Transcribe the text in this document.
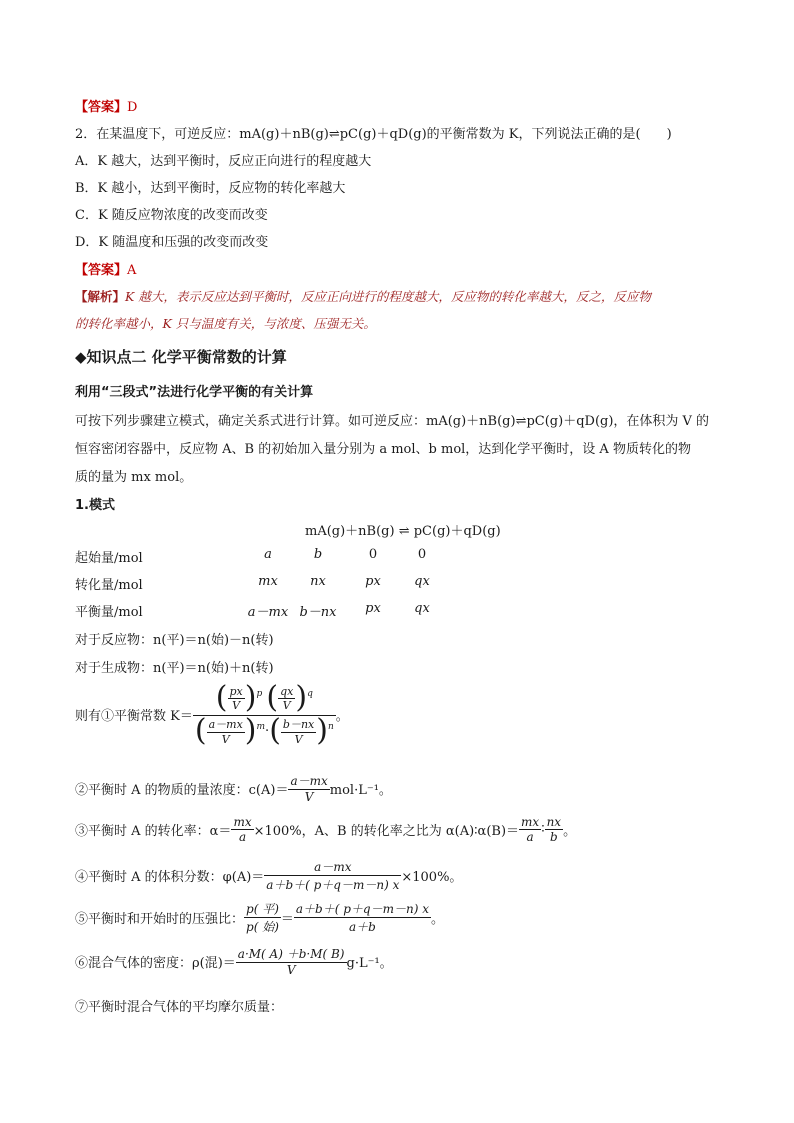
【答案】D
2．在某温度下，可逆反应：mA(g)＋nB(g)⇌pC(g)＋qD(g)的平衡常数为 K，下列说法正确的是(　　)
A．K 越大，达到平衡时，反应正向进行的程度越大
B．K 越小，达到平衡时，反应物的转化率越大
C．K 随反应物浓度的改变而改变
D．K 随温度和压强的改变而改变
【答案】A
【解析】K 越大，表示反应达到平衡时，反应正向进行的程度越大，反应物的转化率越大，反之，反应物
的转化率越小，K 只与温度有关，与浓度、压强无关。
◆知识点二 化学平衡常数的计算
利用“三段式”法进行化学平衡的有关计算
可按下列步骤建立模式，确定关系式进行计算。如可逆反应：mA(g)＋nB(g)⇌pC(g)＋qD(g)，在体积为 V 的
恒容密闭容器中，反应物 A、B 的初始加入量分别为 a mol、b mol，达到化学平衡时，设 A 物质转化的物
质的量为 mx mol。
1.模式
mA(g)＋nB(g) ⇌ pC(g)＋qD(g)
起始量/mol	a	b	0	0
转化量/mol	mx	nx	px	qx
平衡量/mol	a－mx b－nx	px	qx
对于反应物：n(平)＝n(始)－n(转)
对于生成物：n(平)＝n(始)＋n(转)
则有①平衡常数 $K= \frac{( \frac{px}{V} )^p ( \frac{qx}{V} )^q}{( \frac{a-mx}{V} )^m\cdot( \frac{b-nx}{V} )^n}$ 。
②平衡时 A 的物质的量浓度：$c(A)= \frac{a-mx}{V} mol\cdot L^{-1}$。
③平衡时 A 的转化率：$\alpha= \frac{mx}{a} \times 100\%$，A、B 的转化率之比为 α(A)∶α(B)＝ $\frac{mx}{a}$ ∶ $\frac{nx}{b}$ 。
④平衡时 A 的体积分数：$\varphi(A)= \frac{a-mx}{a+b+( p+q-m-n) x} \times 100\%$。
⑤平衡时和开始时的压强比： $\frac{\text{p( 平)}}{\text{p( 始)}} = \frac{a+b+( p+q-m-n) x}{a+b}$ 。
⑥混合气体的密度：ρ(混)＝ $\frac{a\cdot M( A) +b\cdot M( B)}{V} g\cdot L^{-1}$。
⑦平衡时混合气体的平均摩尔质量：
